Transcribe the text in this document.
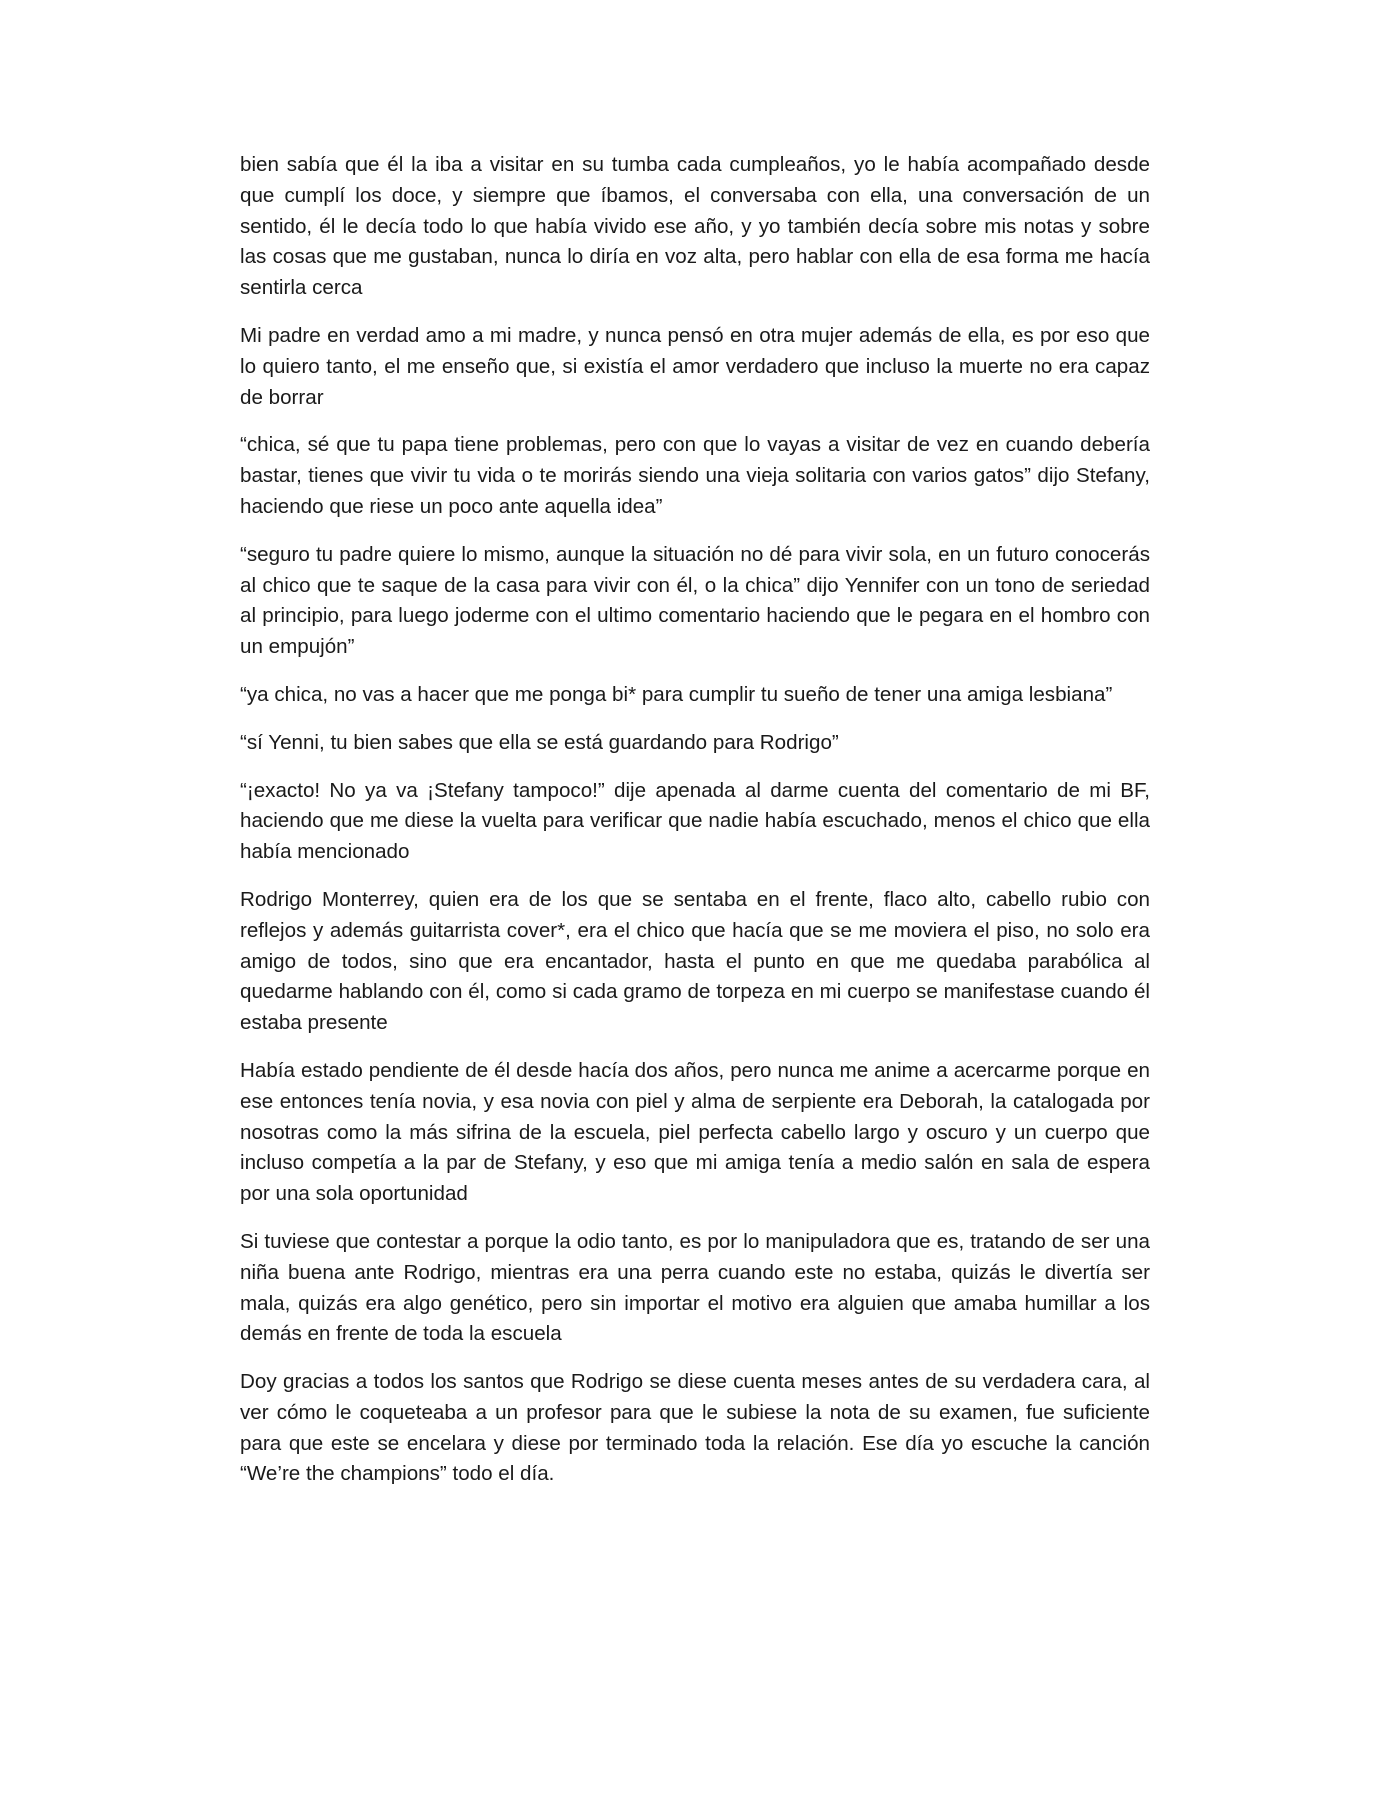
bien sabía que él la iba a visitar en su tumba cada cumpleaños, yo le había acompañado desde que cumplí los doce, y siempre que íbamos, el conversaba con ella, una conversación de un sentido, él le decía todo lo que había vivido ese año, y yo también decía sobre mis notas y sobre las cosas que me gustaban, nunca lo diría en voz alta, pero hablar con ella de esa forma me hacía sentirla cerca

Mi padre en verdad amo a mi madre, y nunca pensó en otra mujer además de ella, es por eso que lo quiero tanto, el me enseño que, si existía el amor verdadero que incluso la muerte no era capaz de borrar

“chica, sé que tu papa tiene problemas, pero con que lo vayas a visitar de vez en cuando debería bastar, tienes que vivir tu vida o te morirás siendo una vieja solitaria con varios gatos” dijo Stefany, haciendo que riese un poco ante aquella idea”

“seguro tu padre quiere lo mismo, aunque la situación no dé para vivir sola, en un futuro conocerás al chico que te saque de la casa para vivir con él, o la chica” dijo Yennifer con un tono de seriedad al principio, para luego joderme con el ultimo comentario haciendo que le pegara en el hombro con un empujón”

“ya chica, no vas a hacer que me ponga bi* para cumplir tu sueño de tener una amiga lesbiana”

“sí Yenni, tu bien sabes que ella se está guardando para Rodrigo”

“¡exacto! No ya va ¡Stefany tampoco!” dije apenada al darme cuenta del comentario de mi BF, haciendo que me diese la vuelta para verificar que nadie había escuchado, menos el chico que ella había mencionado

Rodrigo Monterrey, quien era de los que se sentaba en el frente, flaco alto, cabello rubio con reflejos y además guitarrista cover*, era el chico que hacía que se me moviera el piso, no solo era amigo de todos, sino que era encantador, hasta el punto en que me quedaba parabólica al quedarme hablando con él, como si cada gramo de torpeza en mi cuerpo se manifestase cuando él estaba presente

Había estado pendiente de él desde hacía dos años, pero nunca me anime a acercarme porque en ese entonces tenía novia, y esa novia con piel y alma de serpiente era Deborah, la catalogada por nosotras como la más sifrina de la escuela, piel perfecta cabello largo y oscuro y un cuerpo que incluso competía a la par de Stefany, y eso que mi amiga tenía a medio salón en sala de espera por una sola oportunidad

Si tuviese que contestar a porque la odio tanto, es por lo manipuladora que es, tratando de ser una niña buena ante Rodrigo, mientras era una perra cuando este no estaba, quizás le divertía ser mala, quizás era algo genético, pero sin importar el motivo era alguien que amaba humillar a los demás en frente de toda la escuela

Doy gracias a todos los santos que Rodrigo se diese cuenta meses antes de su verdadera cara, al ver cómo le coqueteaba a un profesor para que le subiese la nota de su examen, fue suficiente para que este se encelara y diese por terminado toda la relación. Ese día yo escuche la canción “We’re the champions” todo el día.
